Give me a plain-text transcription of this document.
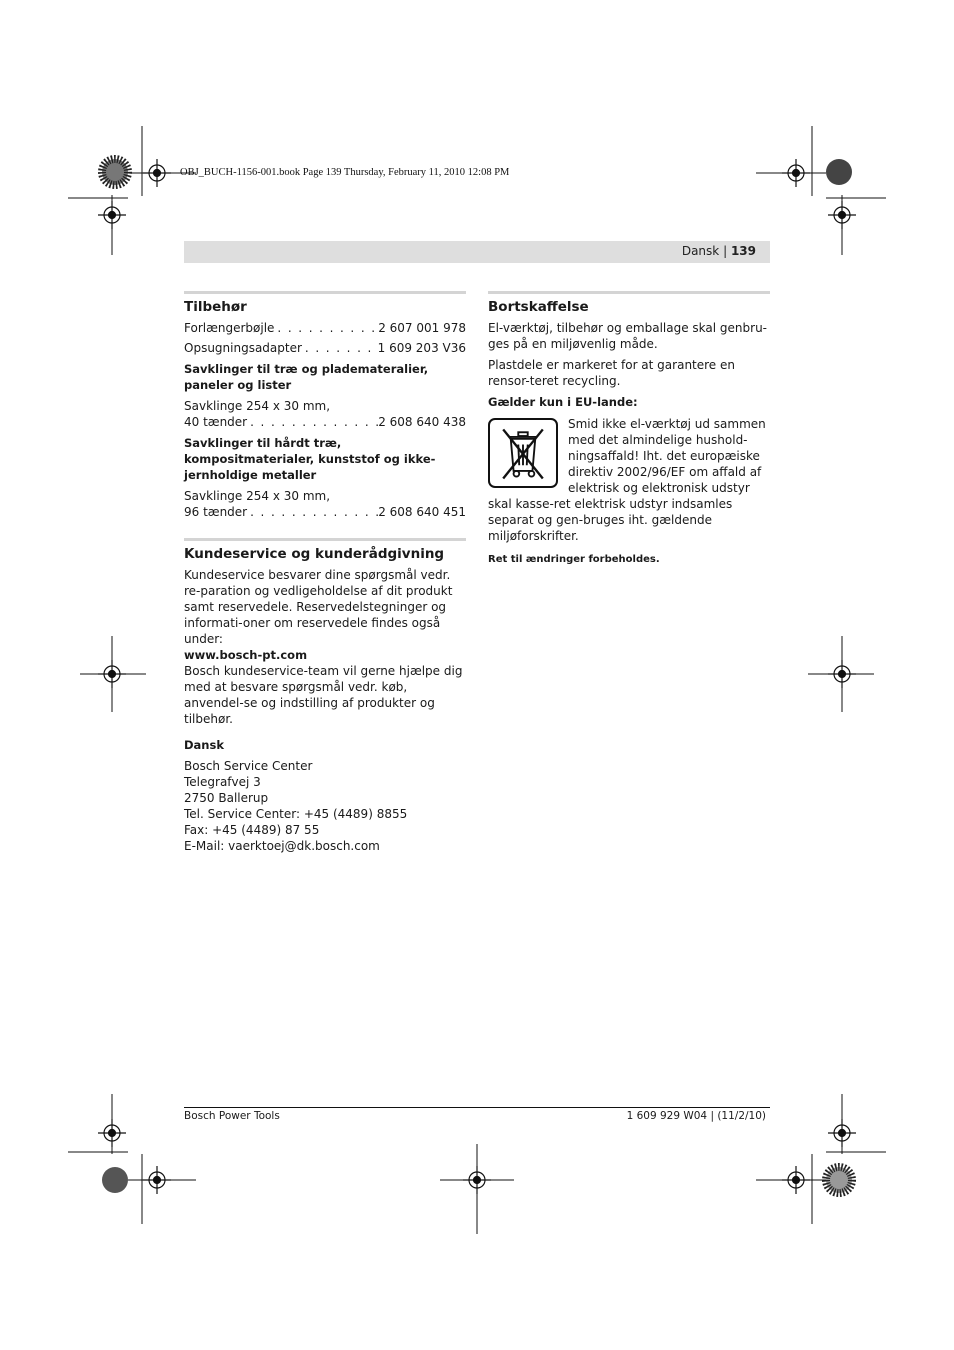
OBJ_BUCH-1156-001.book Page 139 Thursday, February 11, 2010 12:08 PM
Dansk | 139
Tilbehør
Forlængerbøjle . . .	2 607 001 978
Opsugningsadapter . . .	1 609 203 V36

Savklinger til træ og plademateralier, paneler og lister

Savklinge 254 x 30 mm,

40 tænder . . .	2 608 640 438

Savklinger til hårdt træ, kompositmaterialer, kunststof og ikke-jernholdige metaller

Savklinge 254 x 30 mm,

96 tænder . . .	2 608 640 451
Kundeservice og kunderådgivning

Kundeservice besvarer dine spørgsmål vedr. re-paration og vedligeholdelse af dit produkt samt reservedele. Reservedelstegninger og informati-oner om reservedele findes også under:

www.bosch-pt.com

Bosch kundeservice-team vil gerne hjælpe dig med at besvare spørgsmål vedr. køb, anvendel-se og indstilling af produkter og tilbehør.

Dansk

Bosch Service Center

Telegrafvej 3

2750 Ballerup

Tel. Service Center: +45 (4489) 8855

Fax: +45 (4489) 87 55

E-Mail: vaerktoej@dk.bosch.com

Bortskaffelse

El-værktøj, tilbehør og emballage skal genbru-ges på en miljøvenlig måde.

Plastdele er markeret for at garantere en rensor-teret recycling.

Gælder kun i EU-lande:

Smid ikke el-værktøj ud sammen med det almindelige hushold-ningsaffald! Iht. det europæiske direktiv 2002/96/EF om affald af elektrisk og elektronisk udstyr skal kasse-ret elektrisk udstyr indsamles separat og gen-bruges iht. gældende miljøforskrifter.

Ret til ændringer forbeholdes.

Bosch Power Tools	1 609 929 W04 | (11/2/10)
